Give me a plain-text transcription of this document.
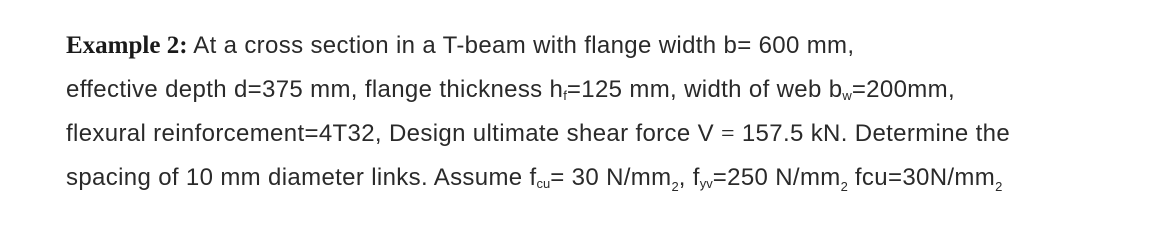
Example 2: At a cross section in a T-beam with flange width b= 600 mm,
effective depth d=375 mm, flange thickness $h_f=125$ mm, width of web $b_w=200mm$,
flexural reinforcement=4T32, Design ultimate shear force V = 157.5 kN. Determine the
spacing of 10 mm diameter links. Assume $f_{cu}= 30$ $N/mm_2$, $f_{yv}=250$ $N/mm_2$ $fcu=30N/mm_2$
